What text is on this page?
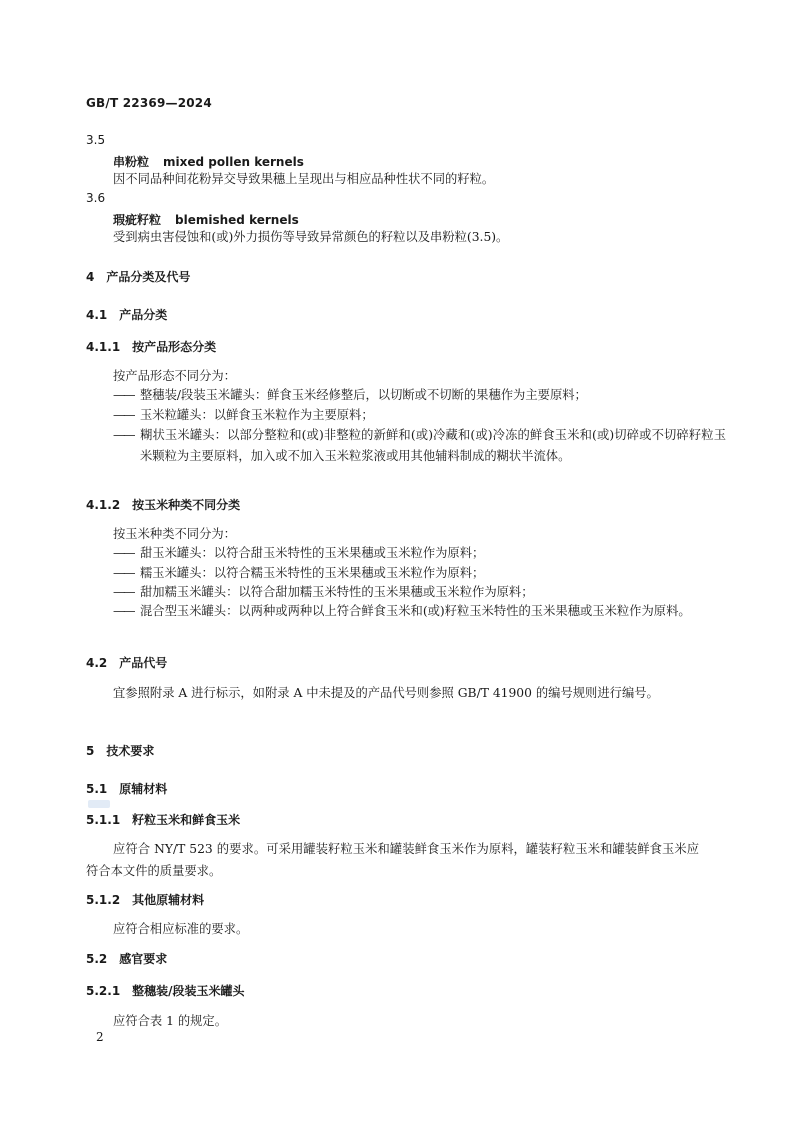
GB/T 22369—2024
3.5
串粉粒 mixed pollen kernels
因不同品种间花粉异交导致果穗上呈现出与相应品种性状不同的籽粒。
3.6
瑕疵籽粒 blemished kernels
受到病虫害侵蚀和(或)外力损伤等导致异常颜色的籽粒以及串粉粒(3.5)。
4　产品分类及代号
4.1　产品分类
4.1.1　按产品形态分类
按产品形态不同分为：
—— 整穗装/段装玉米罐头：鲜食玉米经修整后，以切断或不切断的果穗作为主要原料；
—— 玉米粒罐头：以鲜食玉米粒作为主要原料；
—— 糊状玉米罐头：以部分整粒和(或)非整粒的新鲜和(或)冷藏和(或)冷冻的鲜食玉米和(或)切碎或不切碎籽粒玉米颗粒为主要原料，加入或不加入玉米粒浆液或用其他辅料制成的糊状半流体。
4.1.2　按玉米种类不同分类
按玉米种类不同分为：
—— 甜玉米罐头：以符合甜玉米特性的玉米果穗或玉米粒作为原料；
—— 糯玉米罐头：以符合糯玉米特性的玉米果穗或玉米粒作为原料；
—— 甜加糯玉米罐头：以符合甜加糯玉米特性的玉米果穗或玉米粒作为原料；
—— 混合型玉米罐头：以两种或两种以上符合鲜食玉米和(或)籽粒玉米特性的玉米果穗或玉米粒作为原料。
4.2　产品代号
宜参照附录 A 进行标示，如附录 A 中未提及的产品代号则参照 GB/T 41900 的编号规则进行编号。
5　技术要求
5.1　原辅材料
5.1.1　籽粒玉米和鲜食玉米
应符合 NY/T 523 的要求。可采用罐装籽粒玉米和罐装鲜食玉米作为原料，罐装籽粒玉米和罐装鲜食玉米应符合本文件的质量要求。
5.1.2　其他原辅材料
应符合相应标准的要求。
5.2　感官要求
5.2.1　整穗装/段装玉米罐头
应符合表 1 的规定。
2
